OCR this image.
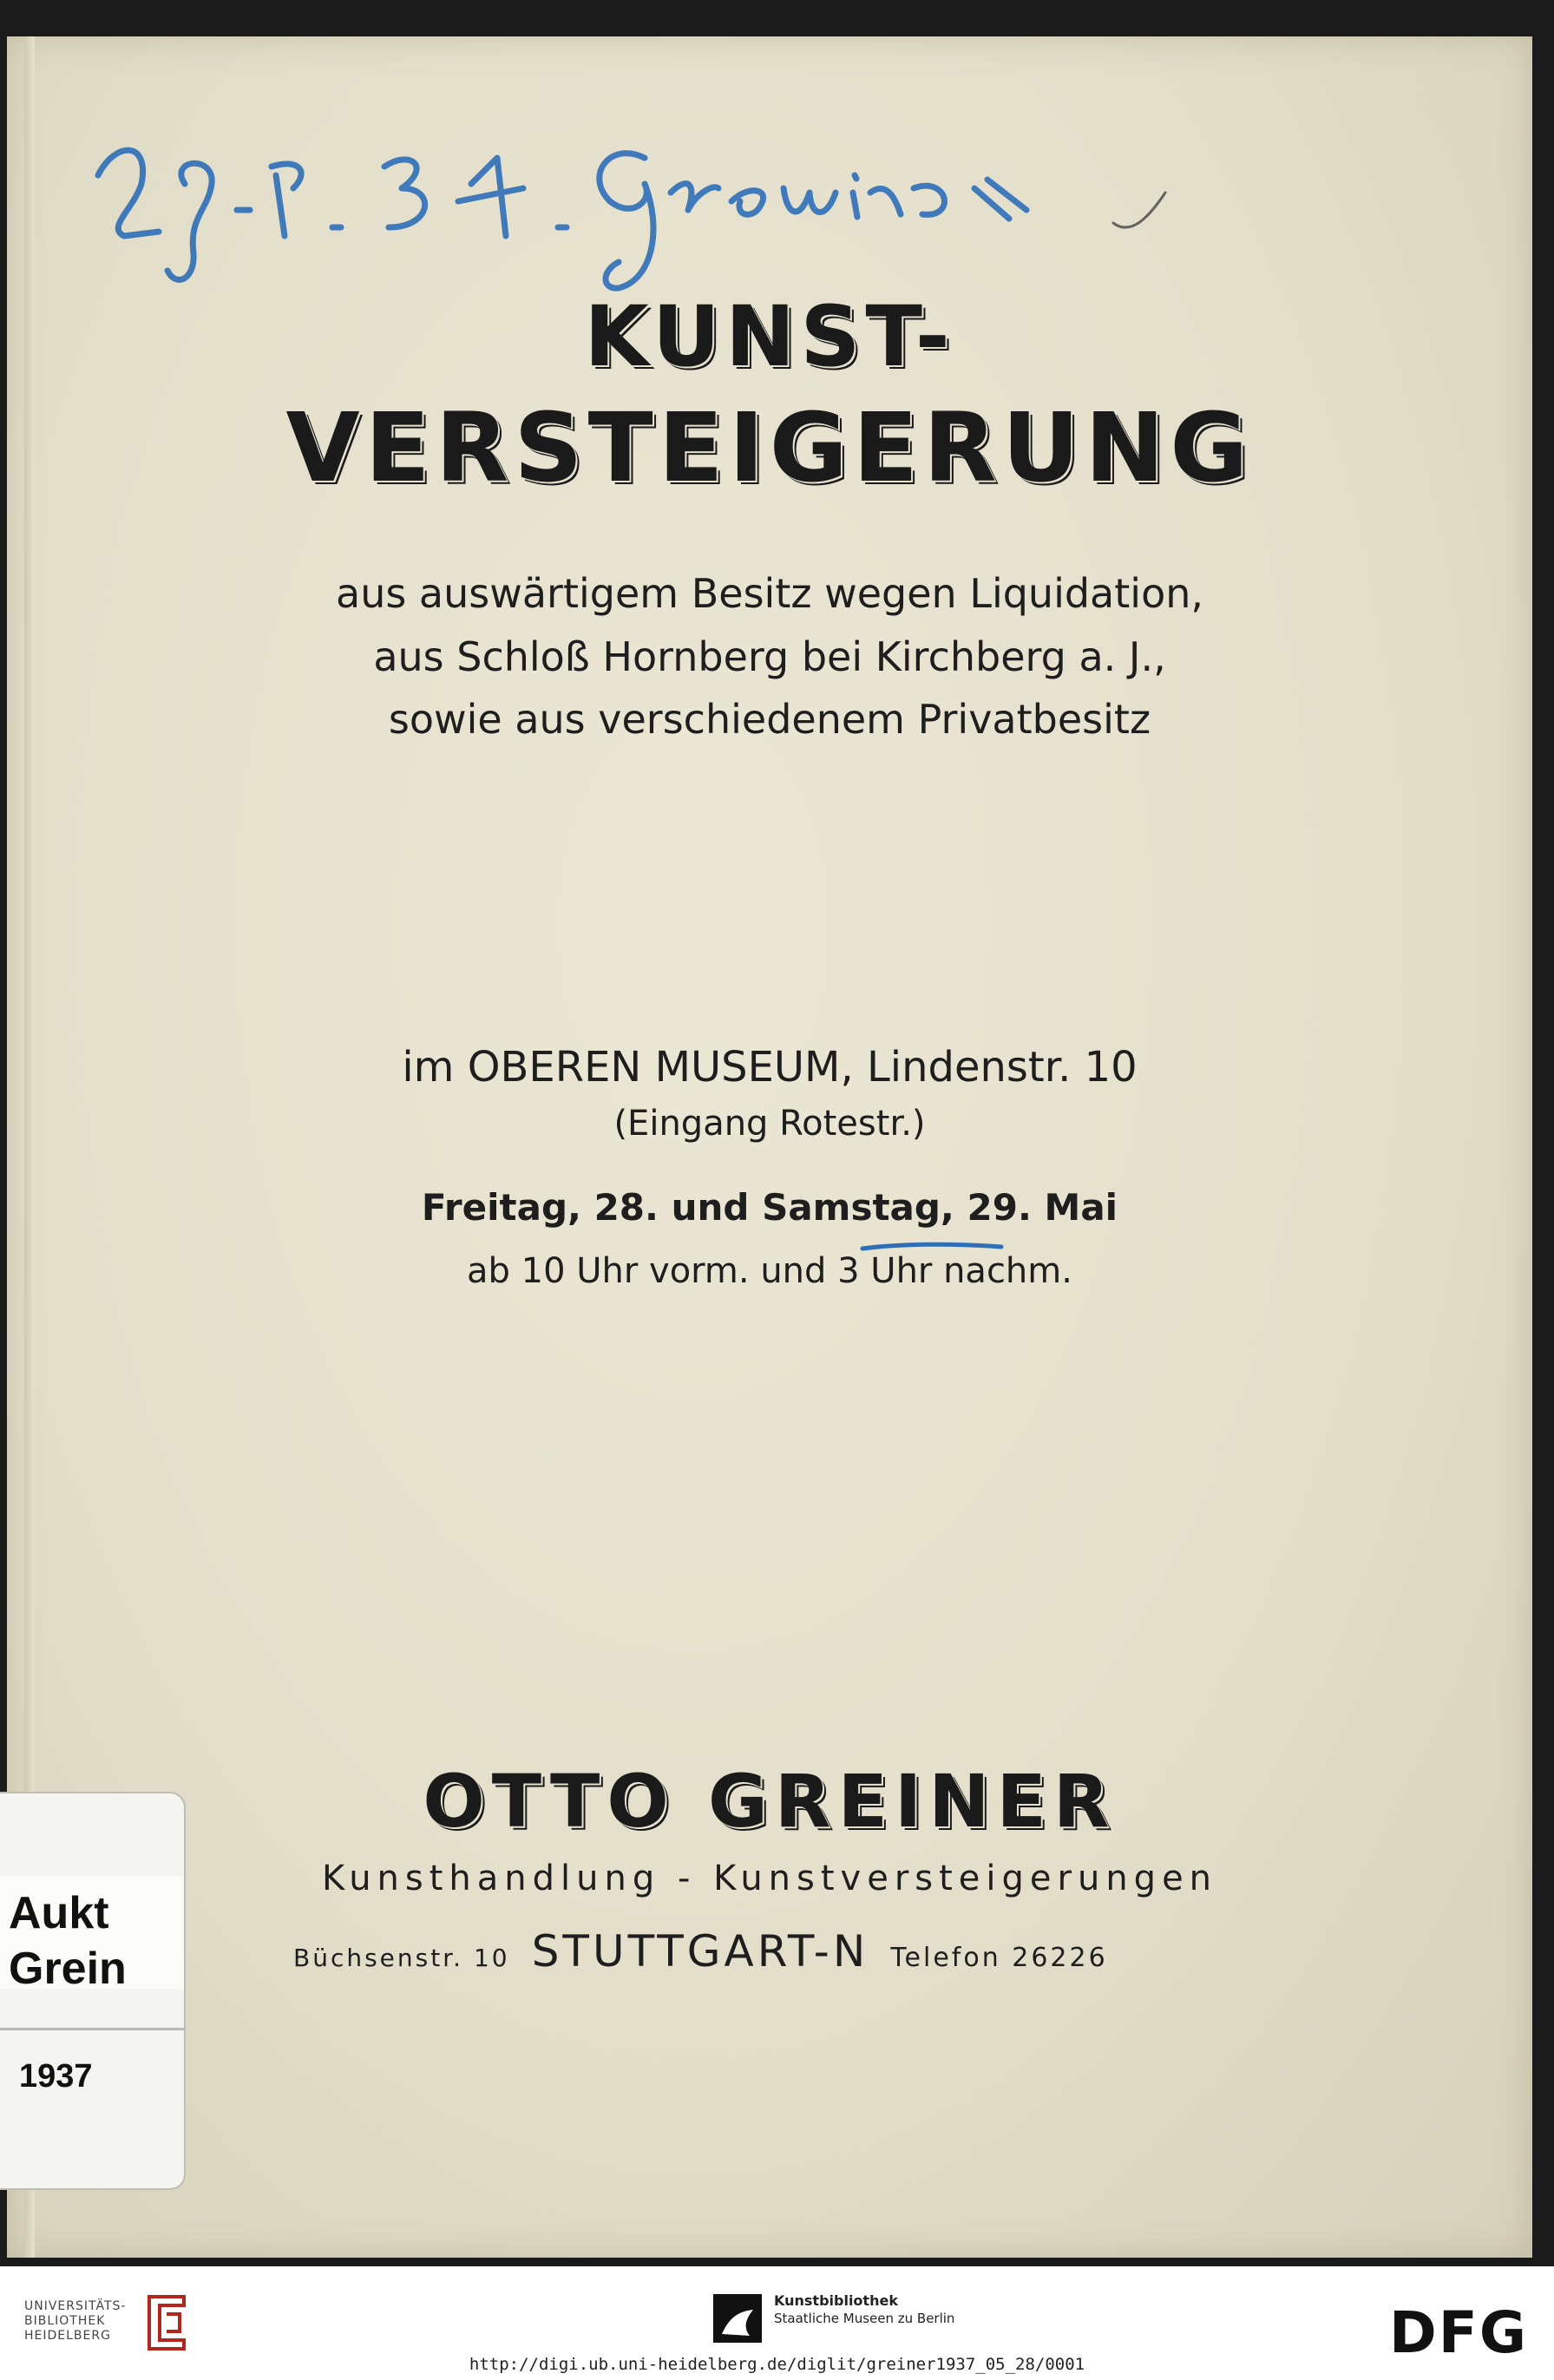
KUNST-
VERSTEIGERUNG
aus auswärtigem Besitz wegen Liquidation,
aus Schloß Hornberg bei Kirchberg a. J.,
sowie aus verschiedenem Privatbesitz
im OBEREN MUSEUM, Lindenstr. 10
(Eingang Rotestr.)
Freitag, 28. und Samstag, 29. Mai
ab 10 Uhr vorm. und 3 Uhr nachm.
OTTO GREINER
Kunsthandlung - Kunstversteigerungen
Büchsenstr. 10 STUTTGART-N Telefon 26226
Aukt
Grein
1937
UNIVERSITÄTS-
BIBLIOTHEK
HEIDELBERG
Kunstbibliothek
Staatliche Museen zu Berlin	DFG
http://digi.ub.uni-heidelberg.de/diglit/greiner1937_05_28/0001
